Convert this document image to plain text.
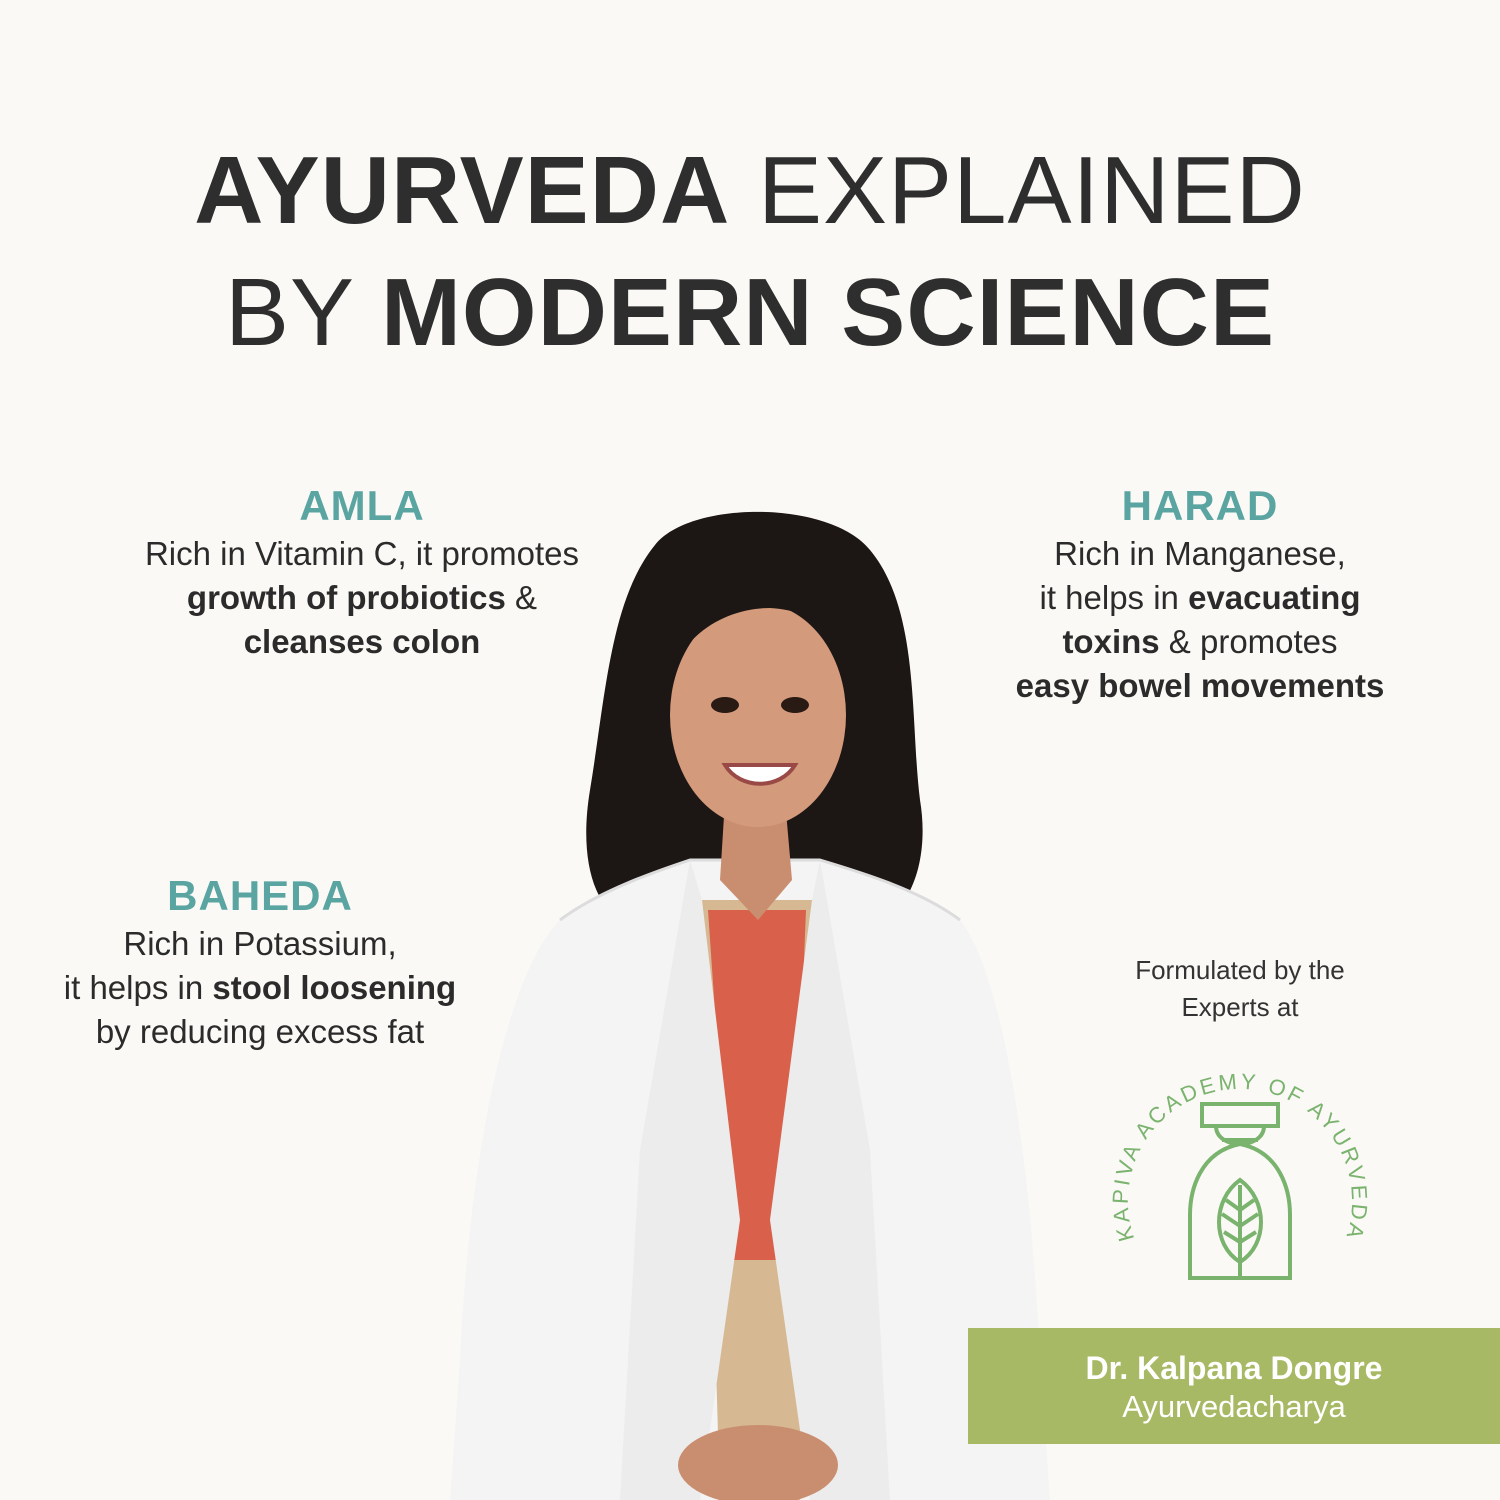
AYURVEDA EXPLAINED
BY MODERN SCIENCE
AMLA
Rich in Vitamin C, it promotes
growth of probiotics &
cleanses colon
HARAD
Rich in Manganese,
it helps in evacuating
toxins & promotes
easy bowel movements
BAHEDA
Rich in Potassium,
it helps in stool loosening
by reducing excess fat
Formulated by the
Experts at
KAPIVA ACADEMY OF AYURVEDA
Dr. Kalpana Dongre
Ayurvedacharya
